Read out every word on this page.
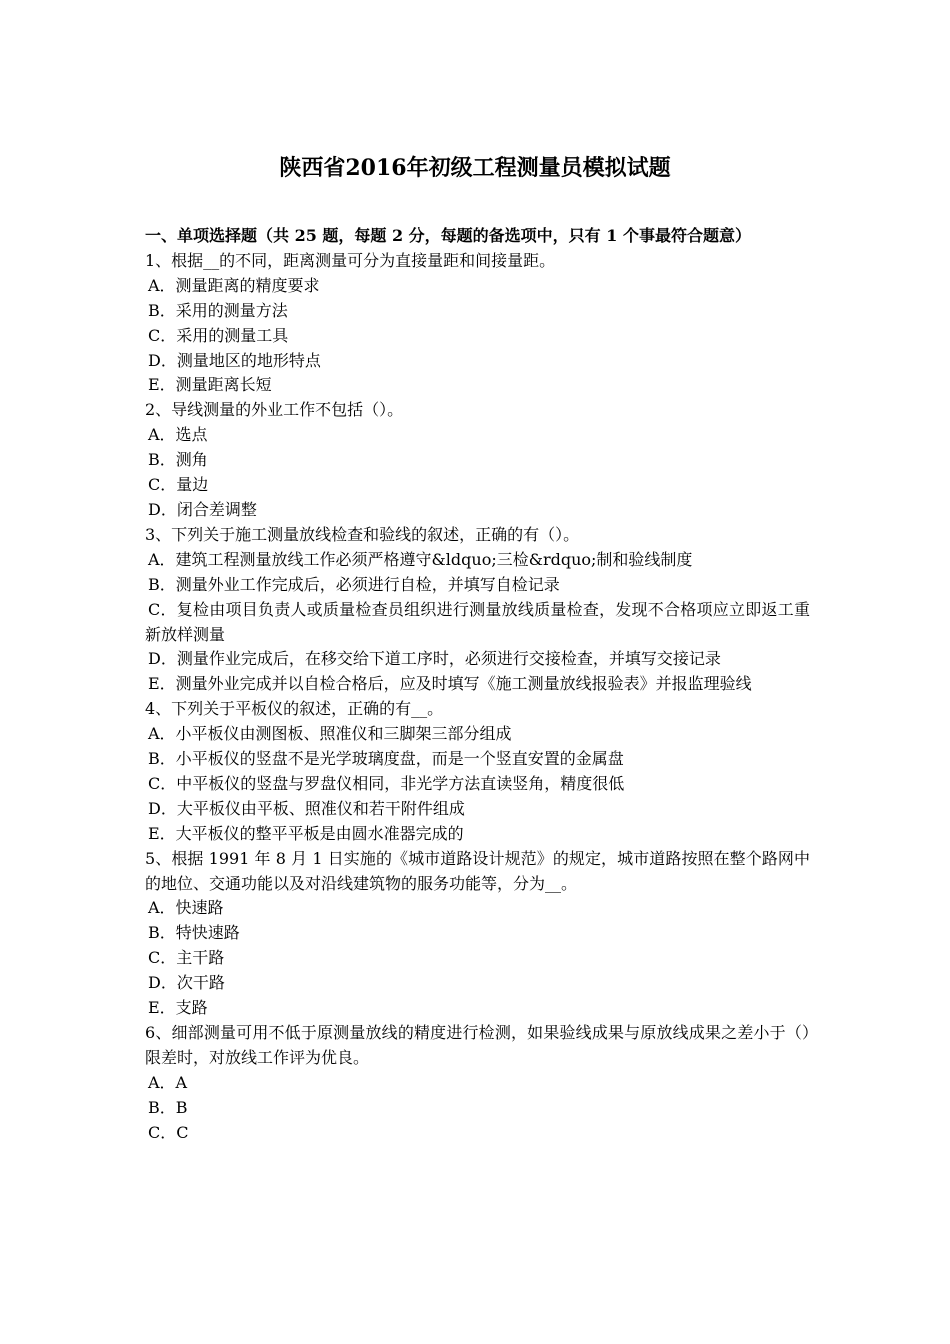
陕西省2016年初级工程测量员模拟试题

一、单项选择题（共 25 题，每题 2 分，每题的备选项中，只有 1 个事最符合题意）

1、根据__的不同，距离测量可分为直接量距和间接量距。

A．测量距离的精度要求

B．采用的测量方法

C．采用的测量工具

D．测量地区的地形特点

E．测量距离长短

2、导线测量的外业工作不包括（）。

A．选点

B．测角

C．量边

D．闭合差调整

3、下列关于施工测量放线检查和验线的叙述，正确的有（）。

A．建筑工程测量放线工作必须严格遵守&ldquo;三检&rdquo;制和验线制度

B．测量外业工作完成后，必须进行自检，并填写自检记录

C．复检由项目负责人或质量检查员组织进行测量放线质量检查，发现不合格项应立即返工重新放样测量

D．测量作业完成后，在移交给下道工序时，必须进行交接检查，并填写交接记录

E．测量外业完成并以自检合格后，应及时填写《施工测量放线报验表》并报监理验线

4、下列关于平板仪的叙述，正确的有__。

A．小平板仪由测图板、照准仪和三脚架三部分组成

B．小平板仪的竖盘不是光学玻璃度盘，而是一个竖直安置的金属盘

C．中平板仪的竖盘与罗盘仪相同，非光学方法直读竖角，精度很低

D．大平板仪由平板、照准仪和若干附件组成

E．大平板仪的整平平板是由圆水准器完成的

5、根据 1991 年 8 月 1 日实施的《城市道路设计规范》的规定，城市道路按照在整个路网中的地位、交通功能以及对沿线建筑物的服务功能等，分为__。

A．快速路

B．特快速路

C．主干路

D．次干路

E．支路

6、细部测量可用不低于原测量放线的精度进行检测，如果验线成果与原放线成果之差小于（）限差时，对放线工作评为优良。

A．A

B．B

C．C
